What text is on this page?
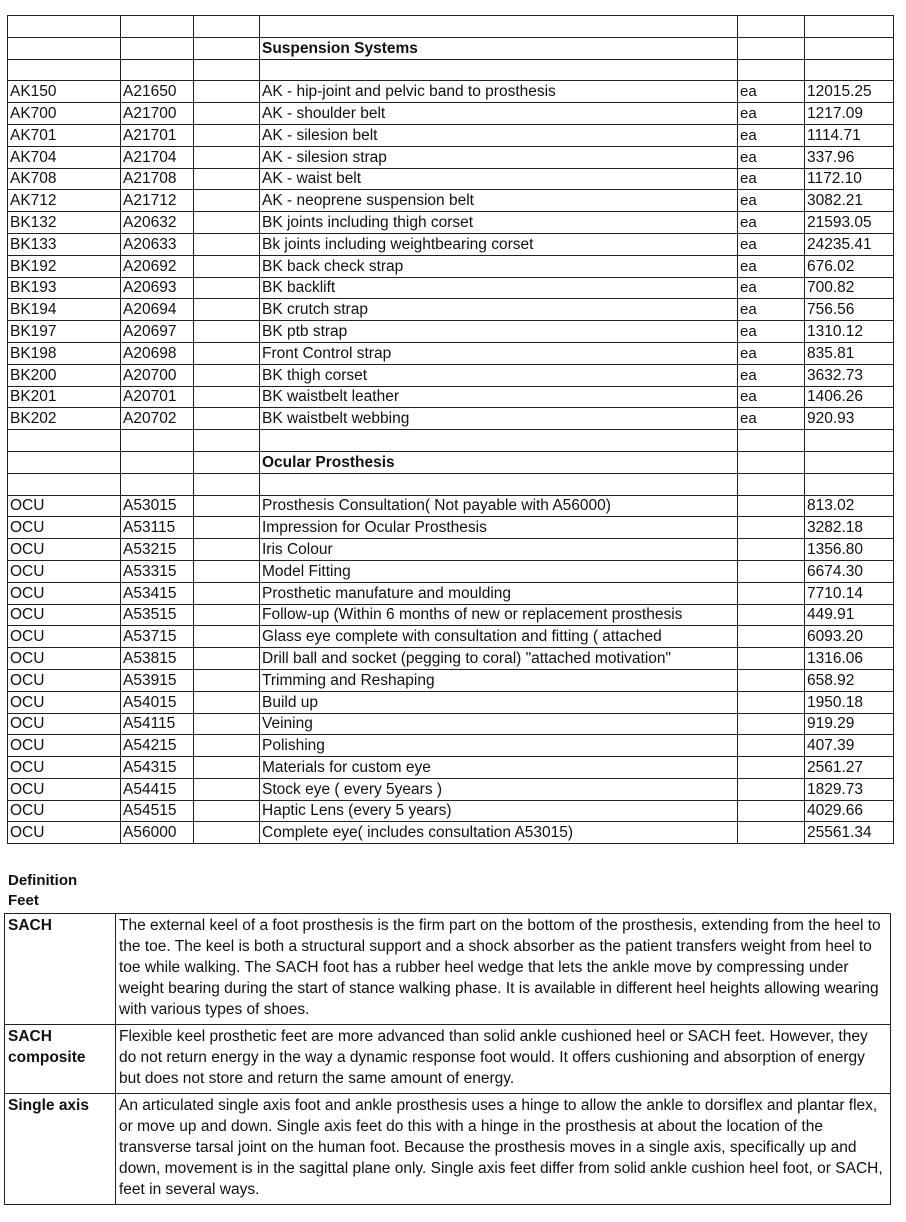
			Suspension Systems		

AK150	A21650		AK - hip-joint and pelvic band to prosthesis	ea	12015.25
AK700	A21700		AK - shoulder belt	ea	1217.09
AK701	A21701		AK - silesion belt	ea	1114.71
AK704	A21704		AK - silesion strap	ea	337.96
AK708	A21708		AK - waist belt	ea	1172.10
AK712	A21712		AK - neoprene suspension belt	ea	3082.21
BK132	A20632		BK joints including thigh corset	ea	21593.05
BK133	A20633		Bk joints including weightbearing corset	ea	24235.41
BK192	A20692		BK back check strap	ea	676.02
BK193	A20693		BK backlift	ea	700.82
BK194	A20694		BK crutch strap	ea	756.56
BK197	A20697		BK ptb strap	ea	1310.12
BK198	A20698		Front Control strap	ea	835.81
BK200	A20700		BK thigh corset	ea	3632.73
BK201	A20701		BK waistbelt leather	ea	1406.26
BK202	A20702		BK waistbelt webbing	ea	920.93

			Ocular Prosthesis		

OCU	A53015		Prosthesis Consultation( Not payable with A56000)		813.02
OCU	A53115		Impression for Ocular Prosthesis		3282.18
OCU	A53215		Iris Colour		1356.80
OCU	A53315		Model Fitting		6674.30
OCU	A53415		Prosthetic manufature and moulding		7710.14
OCU	A53515		Follow-up (Within 6 months of new or replacement prosthesis		449.91
OCU	A53715		Glass eye complete with consultation and fitting ( attached		6093.20
OCU	A53815		Drill ball and socket (pegging to coral) "attached motivation"		1316.06
OCU	A53915		Trimming and Reshaping		658.92
OCU	A54015		Build up		1950.18
OCU	A54115		Veining		919.29
OCU	A54215		Polishing		407.39
OCU	A54315		Materials for custom eye		2561.27
OCU	A54415		Stock eye ( every 5years )		1829.73
OCU	A54515		Haptic Lens (every 5 years)		4029.66
OCU	A56000		Complete eye( includes consultation A53015)		25561.34
Definition
Feet
SACH	The external keel of a foot prosthesis is the firm part on the bottom of the prosthesis, extending from the heel to the toe. The keel is both a structural support and a shock absorber as the patient transfers weight from heel to toe while walking. The SACH foot has a rubber heel wedge that lets the ankle move by compressing under weight bearing during the start of stance walking phase. It is available in different heel heights allowing wearing with various types of shoes.
SACH composite	Flexible keel prosthetic feet are more advanced than solid ankle cushioned heel or SACH feet. However, they do not return energy in the way a dynamic response foot would. It offers cushioning and absorption of energy but does not store and return the same amount of energy.
Single axis	An articulated single axis foot and ankle prosthesis uses a hinge to allow the ankle to dorsiflex and plantar flex, or move up and down. Single axis feet do this with a hinge in the prosthesis at about the location of the transverse tarsal joint on the human foot. Because the prosthesis moves in a single axis, specifically up and down, movement is in the sagittal plane only. Single axis feet differ from solid ankle cushion heel foot, or SACH, feet in several ways.
